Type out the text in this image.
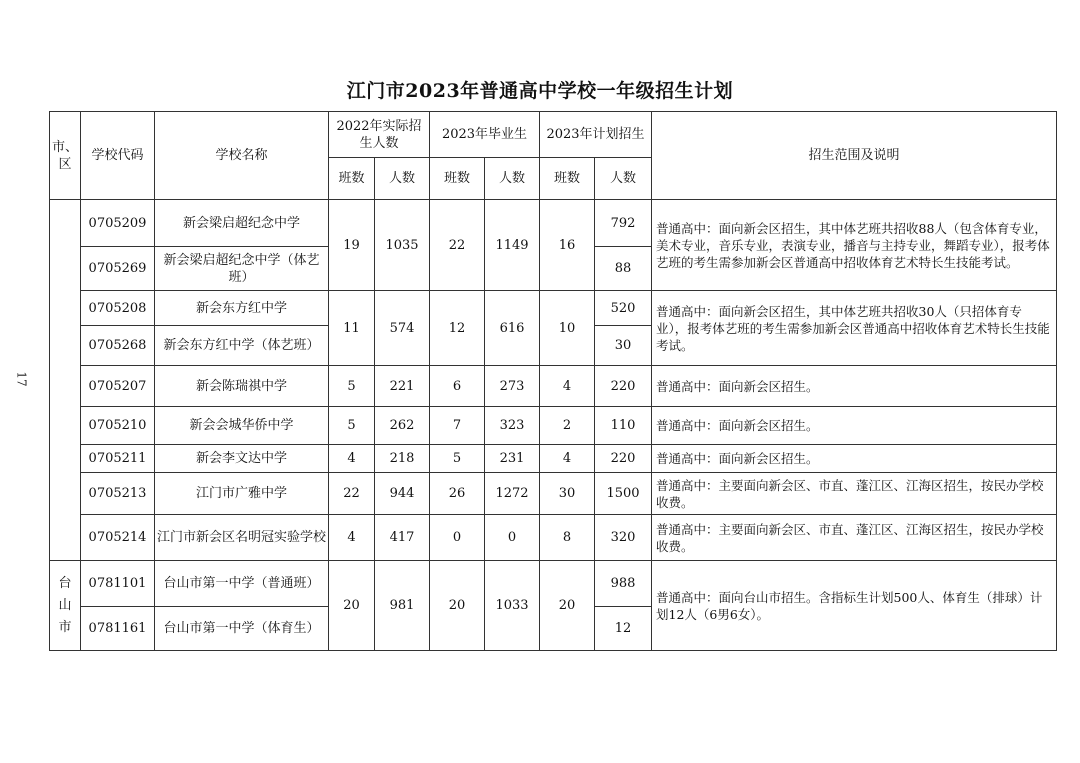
江门市2023年普通高中学校一年级招生计划
17
市、区	学校代码	学校名称	2022年实际招生人数		2023年毕业生		2023年计划招生		招生范围及说明
			班数	人数	班数	人数	班数	人数	
	0705209	新会梁启超纪念中学	19	1035	22	1149	16	792	普通高中：面向新会区招生，其中体艺班共招收88人（包含体育专业，美术专业，音乐专业，表演专业，播音与主持专业，舞蹈专业），报考体艺班的考生需参加新会区普通高中招收体育艺术特长生技能考试。
	0705269	新会梁启超纪念中学（体艺班）						88	
	0705208	新会东方红中学	11	574	12	616	10	520	普通高中：面向新会区招生，其中体艺班共招收30人（只招体育专业），报考体艺班的考生需参加新会区普通高中招收体育艺术特长生技能考试。
	0705268	新会东方红中学（体艺班）						30	
	0705207	新会陈瑞祺中学	5	221	6	273	4	220	普通高中：面向新会区招生。
	0705210	新会会城华侨中学	5	262	7	323	2	110	普通高中：面向新会区招生。
	0705211	新会李文达中学	4	218	5	231	4	220	普通高中：面向新会区招生。
	0705213	江门市广雅中学	22	944	26	1272	30	1500	普通高中：主要面向新会区、市直、蓬江区、江海区招生，按民办学校收费。
	0705214	江门市新会区名明冠实验学校	4	417	0	0	8	320	普通高中：主要面向新会区、市直、蓬江区、江海区招生，按民办学校收费。
台山市	0781101	台山市第一中学（普通班）	20	981	20	1033	20	988	普通高中：面向台山市招生。含指标生计划500人、体育生（排球）计划12人（6男6女）。
	0781161	台山市第一中学（体育生）						12	
